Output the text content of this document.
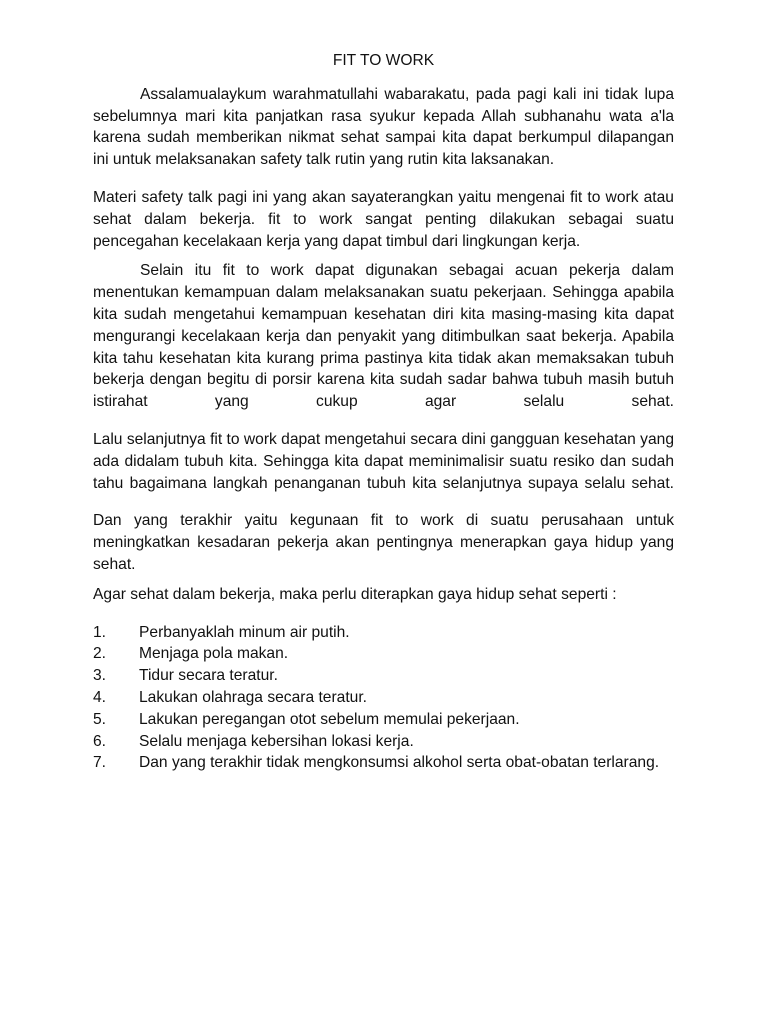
FIT TO WORK

Assalamualaykum warahmatullahi wabarakatu, pada pagi kali ini tidak lupa sebelumnya mari kita panjatkan rasa syukur kepada Allah subhanahu wata a'la karena sudah memberikan nikmat sehat sampai kita dapat berkumpul dilapangan ini untuk melaksanakan safety talk rutin yang rutin kita laksanakan.

Materi safety talk pagi ini yang akan sayaterangkan yaitu mengenai fit to work atau sehat dalam bekerja. fit to work sangat penting dilakukan sebagai suatu pencegahan kecelakaan kerja yang dapat timbul dari lingkungan kerja.

Selain itu fit to work dapat digunakan sebagai acuan pekerja dalam menentukan kemampuan dalam melaksanakan suatu pekerjaan. Sehingga apabila kita sudah mengetahui kemampuan kesehatan diri kita masing-masing kita dapat mengurangi kecelakaan kerja dan penyakit yang ditimbulkan saat bekerja. Apabila kita tahu kesehatan kita kurang prima pastinya kita tidak akan memaksakan tubuh bekerja dengan begitu di porsir karena kita sudah sadar bahwa tubuh masih butuh istirahat yang cukup agar selalu sehat.

Lalu selanjutnya fit to work dapat mengetahui secara dini gangguan kesehatan yang ada didalam tubuh kita. Sehingga kita dapat meminimalisir suatu resiko dan sudah tahu bagaimana langkah penanganan tubuh kita selanjutnya supaya selalu sehat.

Dan yang terakhir yaitu kegunaan fit to work di suatu perusahaan untuk meningkatkan kesadaran pekerja akan pentingnya menerapkan gaya hidup yang sehat.

Agar sehat dalam bekerja, maka perlu diterapkan gaya hidup sehat seperti :

1.	Perbanyaklah minum air putih.
2.	Menjaga pola makan.
3.	Tidur secara teratur.
4.	Lakukan olahraga secara teratur.
5.	Lakukan peregangan otot sebelum memulai pekerjaan.
6.	Selalu menjaga kebersihan lokasi kerja.
7.	Dan yang terakhir tidak mengkonsumsi alkohol serta obat-obatan terlarang.
